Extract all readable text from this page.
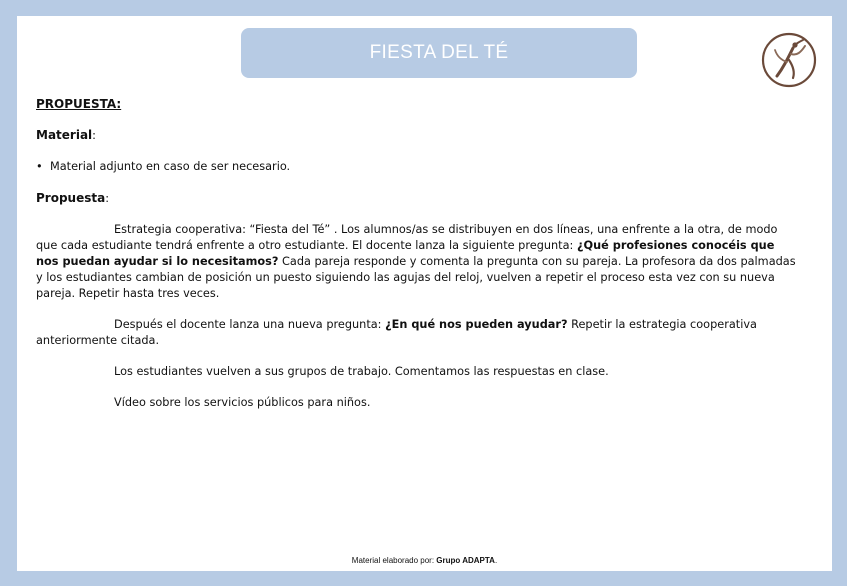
FIESTA DEL TÉ

PROPUESTA:

Material:

• Material adjunto en caso de ser necesario.

Propuesta:

Estrategia cooperativa: “Fiesta del Té” . Los alumnos/as se distribuyen en dos líneas, una enfrente a la otra, de modo que cada estudiante tendrá enfrente a otro estudiante. El docente lanza la siguiente pregunta: ¿Qué profesiones conocéis que nos puedan ayudar si lo necesitamos? Cada pareja responde y comenta la pregunta con su pareja. La profesora da dos palmadas y los estudiantes cambian de posición un puesto siguiendo las agujas del reloj, vuelven a repetir el proceso esta vez con su nueva pareja. Repetir hasta tres veces.

Después el docente lanza una nueva pregunta: ¿En qué nos pueden ayudar? Repetir la estrategia cooperativa anteriormente citada.

Los estudiantes vuelven a sus grupos de trabajo. Comentamos las respuestas en clase.

Vídeo sobre los servicios públicos para niños.

Material elaborado por: Grupo ADAPTA.
